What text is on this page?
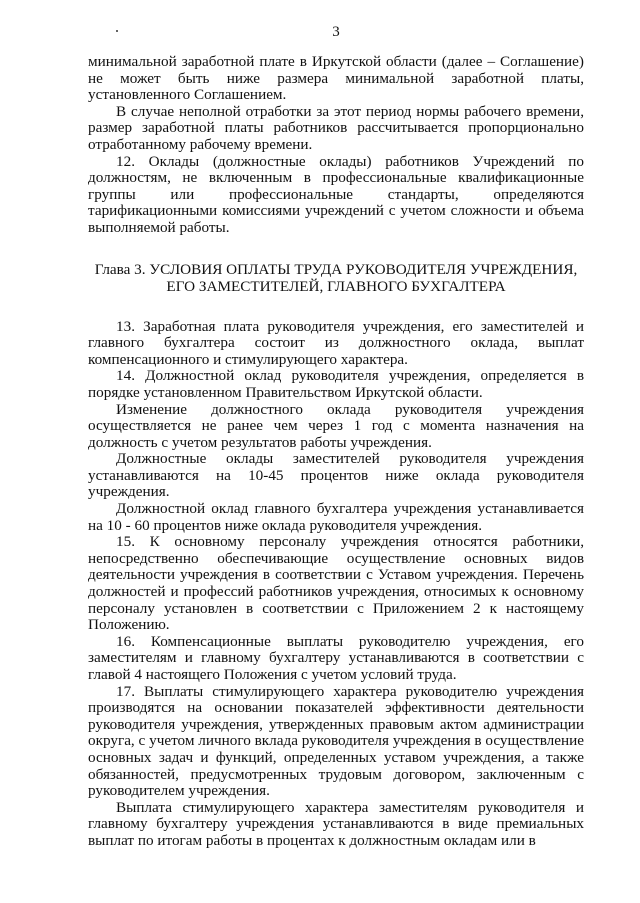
3

минимальной заработной плате в Иркутской области (далее – Соглашение) не может быть ниже размера минимальной заработной платы, установленного Соглашением.

В случае неполной отработки за этот период нормы рабочего времени, размер заработной платы работников рассчитывается пропорционально отработанному рабочему времени.

12. Оклады (должностные оклады) работников Учреждений по должностям, не включенным в профессиональные квалификационные группы или профессиональные стандарты, определяются тарификационными комиссиями учреждений с учетом сложности и объема выполняемой работы.

Глава 3. УСЛОВИЯ ОПЛАТЫ ТРУДА РУКОВОДИТЕЛЯ УЧРЕЖДЕНИЯ,
ЕГО ЗАМЕСТИТЕЛЕЙ, ГЛАВНОГО БУХГАЛТЕРА

13. Заработная плата руководителя учреждения, его заместителей и главного бухгалтера состоит из должностного оклада, выплат компенсационного и стимулирующего характера.

14. Должностной оклад руководителя учреждения, определяется в порядке установленном Правительством Иркутской области.

Изменение должностного оклада руководителя учреждения осуществляется не ранее чем через 1 год с момента назначения на должность с учетом результатов работы учреждения.

Должностные оклады заместителей руководителя учреждения устанавливаются на 10-45 процентов ниже оклада руководителя учреждения.

Должностной оклад главного бухгалтера учреждения устанавливается на 10 - 60 процентов ниже оклада руководителя учреждения.

15. К основному персоналу учреждения относятся работники, непосредственно обеспечивающие осуществление основных видов деятельности учреждения в соответствии с Уставом учреждения. Перечень должностей и профессий работников учреждения, относимых к основному персоналу установлен в соответствии с Приложением 2 к настоящему Положению.

16. Компенсационные выплаты руководителю учреждения, его заместителям и главному бухгалтеру устанавливаются в соответствии с главой 4 настоящего Положения с учетом условий труда.

17. Выплаты стимулирующего характера руководителю учреждения производятся на основании показателей эффективности деятельности руководителя учреждения, утвержденных правовым актом администрации округа, с учетом личного вклада руководителя учреждения в осуществление основных задач и функций, определенных уставом учреждения, а также обязанностей, предусмотренных трудовым договором, заключенным с руководителем учреждения.

Выплата стимулирующего характера заместителям руководителя и главному бухгалтеру учреждения устанавливаются в виде премиальных выплат по итогам работы в процентах к должностным окладам или в
